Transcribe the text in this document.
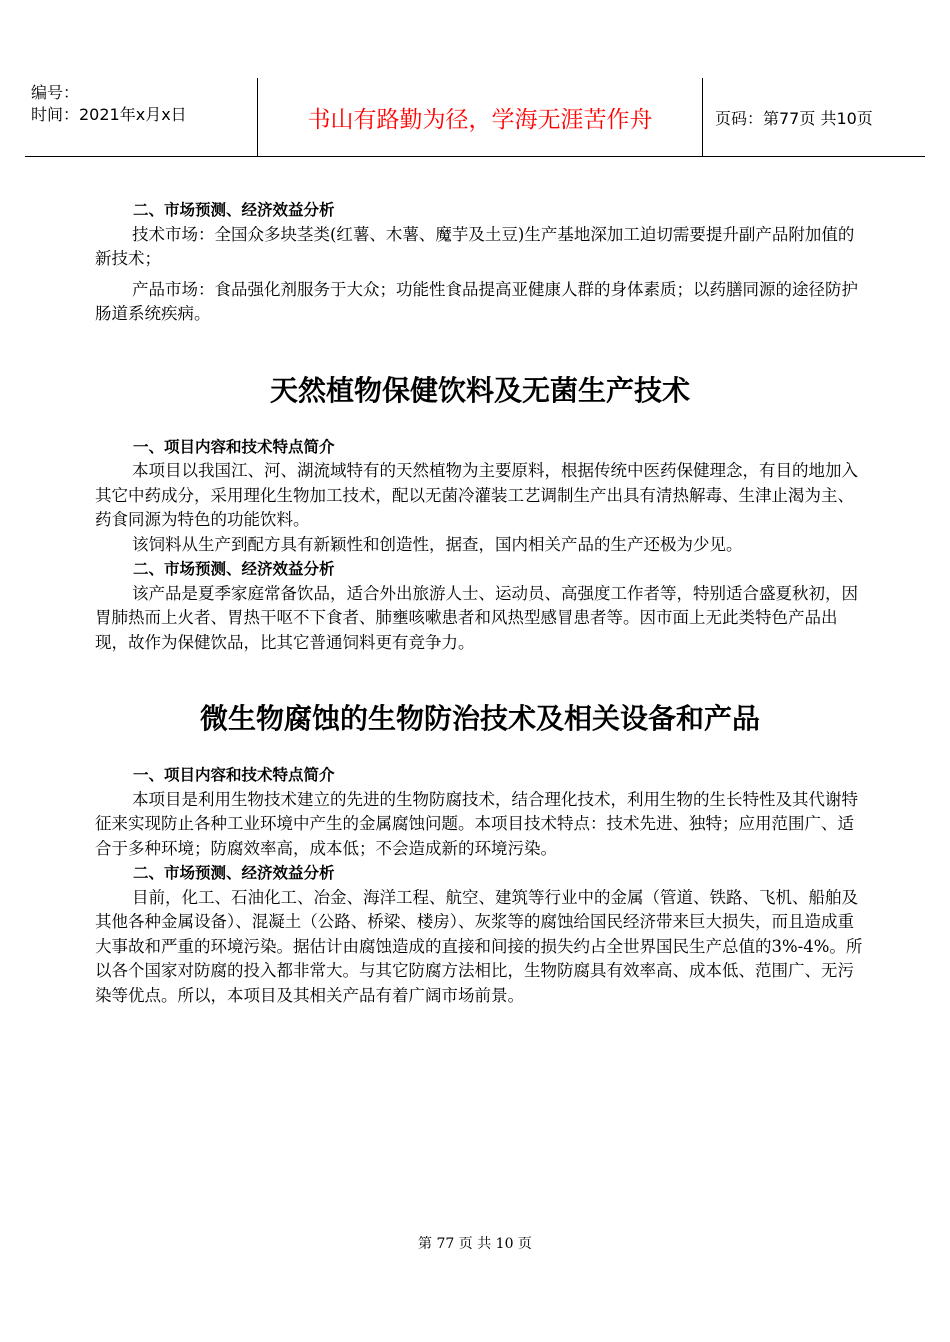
编号：
时间：2021年x月x日	书山有路勤为径，学海无涯苦作舟	页码：第77页 共10页
二、市场预测、经济效益分析

技术市场：全国众多块茎类(红薯、木薯、魔芋及土豆)生产基地深加工迫切需要提升副产品附加值的新技术；

产品市场：食品强化剂服务于大众；功能性食品提高亚健康人群的身体素质；以药膳同源的途径防护肠道系统疾病。

天然植物保健饮料及无菌生产技术
一、项目内容和技术特点简介

本项目以我国江、河、湖流域特有的天然植物为主要原料，根据传统中医药保健理念，有目的地加入其它中药成分，采用理化生物加工技术，配以无菌冷灌装工艺调制生产出具有清热解毒、生津止渴为主、药食同源为特色的功能饮料。

该饲料从生产到配方具有新颖性和创造性，据查，国内相关产品的生产还极为少见。

二、市场预测、经济效益分析

该产品是夏季家庭常备饮品，适合外出旅游人士、运动员、高强度工作者等，特别适合盛夏秋初，因胃肺热而上火者、胃热干呕不下食者、肺壅咳嗽患者和风热型感冒患者等。因市面上无此类特色产品出现，故作为保健饮品，比其它普通饲料更有竞争力。

微生物腐蚀的生物防治技术及相关设备和产品
一、项目内容和技术特点简介

本项目是利用生物技术建立的先进的生物防腐技术，结合理化技术，利用生物的生长特性及其代谢特征来实现防止各种工业环境中产生的金属腐蚀问题。本项目技术特点：技术先进、独特；应用范围广、适合于多种环境；防腐效率高，成本低；不会造成新的环境污染。

二、市场预测、经济效益分析

目前，化工、石油化工、冶金、海洋工程、航空、建筑等行业中的金属（管道、铁路、飞机、船舶及其他各种金属设备）、混凝土（公路、桥梁、楼房）、灰浆等的腐蚀给国民经济带来巨大损失，而且造成重大事故和严重的环境污染。据估计由腐蚀造成的直接和间接的损失约占全世界国民生产总值的3%-4%。所以各个国家对防腐的投入都非常大。与其它防腐方法相比，生物防腐具有效率高、成本低、范围广、无污染等优点。所以，本项目及其相关产品有着广阔市场前景。

第 77 页 共 10 页
